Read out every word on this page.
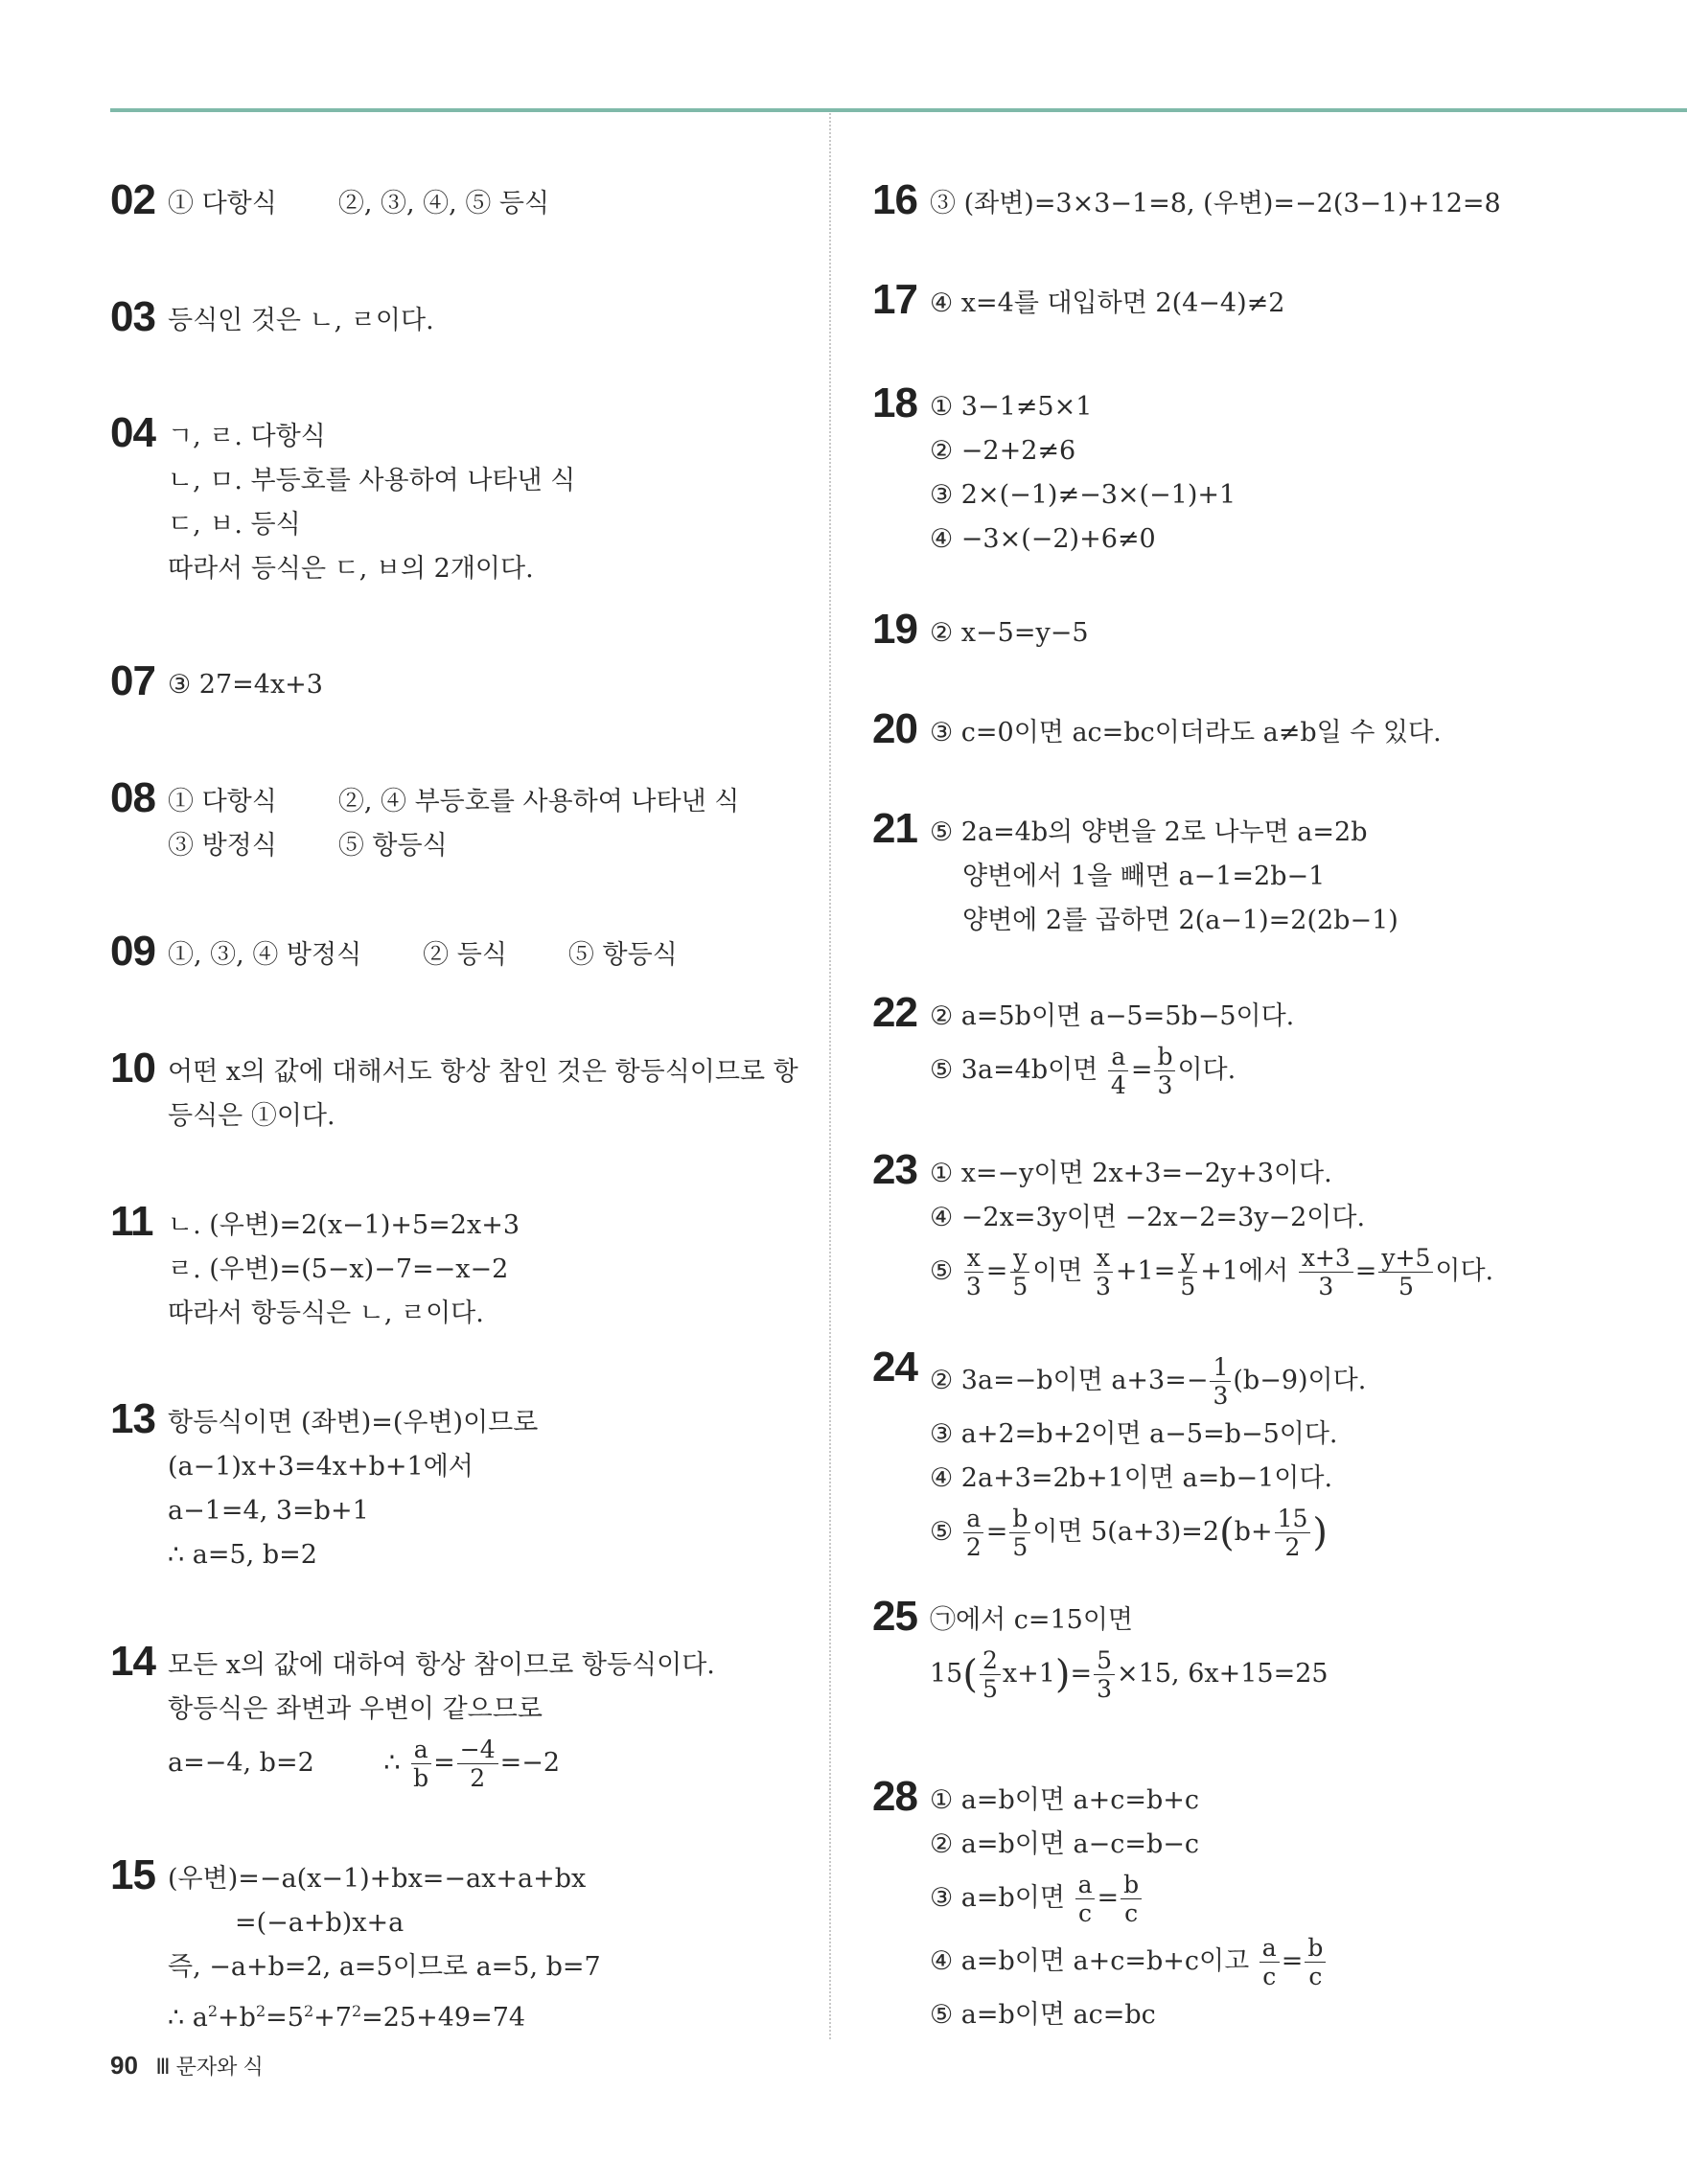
02 ① 다항식 ②, ③, ④, ⑤ 등식
03 등식인 것은 ㄴ, ㄹ이다.
04 ㄱ, ㄹ. 다항식
ㄴ, ㅁ. 부등호를 사용하여 나타낸 식
ㄷ, ㅂ. 등식
따라서 등식은 ㄷ, ㅂ의 2개이다.
07 ③ 27=4x+3
08 ① 다항식 ②, ④ 부등호를 사용하여 나타낸 식
③ 방정식 ⑤ 항등식
09 ①, ③, ④ 방정식 ② 등식 ⑤ 항등식
10 어떤 x의 값에 대해서도 항상 참인 것은 항등식이므로 항
등식은 ①이다.
11 ㄴ. (우변)=2(x−1)+5=2x+3
ㄹ. (우변)=(5−x)−7=−x−2
따라서 항등식은 ㄴ, ㄹ이다.
13 항등식이면 (좌변)=(우변)이므로
(a−1)x+3=4x+b+1에서
a−1=4, 3=b+1
∴ a=5, b=2
14 모든 x의 값에 대하여 항상 참이므로 항등식이다.
항등식은 좌변과 우변이 같으므로
a=−4, b=2	∴ $\frac{a}{b} = \frac{-4}{2} =-2$
15 (우변)=−a(x−1)+bx=−ax+a+bx
=(−a+b)x+a
즉, −a+b=2, a=5이므로 a=5, b=7
∴ $a^2+b^2=5^2+7^2=25+49=74$
16 ③ (좌변)=3×3−1=8, (우변)=−2(3−1)+12=8
17 ④ x=4를 대입하면 2(4−4)≠2
18 ① 3−1≠5×1
② −2+2≠6
③ 2×(−1)≠−3×(−1)+1
④ −3×(−2)+6≠0
19 ② x−5=y−5
20 ③ c=0이면 ac=bc이더라도 a≠b일 수 있다.
21 ⑤ 2a=4b의 양변을 2로 나누면 a=2b
양변에서 1을 빼면 a−1=2b−1
양변에 2를 곱하면 2(a−1)=2(2b−1)
22 ② a=5b이면 a−5=5b−5이다.
⑤ 3a=4b이면 $\frac{a}{4} = \frac{b}{3}$ 이다.
23 ① x=−y이면 2x+3=−2y+3이다.
④ −2x=3y이면 −2x−2=3y−2이다.
⑤ $\frac{x}{3} = \frac{y}{5}$ 이면 $\frac{x}{3} +1= \frac{y}{5} +1$에서 $\frac{x+3}{3} = \frac{y+5}{5}$ 이다.
24 ② 3a=−b이면 $a+3=- \frac{1}{3} (b-9)$이다.
③ a+2=b+2이면 a−5=b−5이다.
④ 2a+3=2b+1이면 a=b−1이다.
⑤ $\frac{a}{2} = \frac{b}{5}$ 이면 $5(a+3)=2(b+ \frac{15}{2}$ )
25 ㉠에서 c=15이면
$15( \frac{2}{5} x+1)= \frac{5}{3} \times 15$, 6x+15=25
28 ① a=b이면 a+c=b+c
② a=b이면 a−c=b−c
③ a=b이면 $\frac{a}{c} = \frac{b}{c}$
④ a=b이면 a+c=b+c이고 $\frac{a}{c} = \frac{b}{c}$
⑤ a=b이면 ac=bc
90 Ⅲ 문자와 식
